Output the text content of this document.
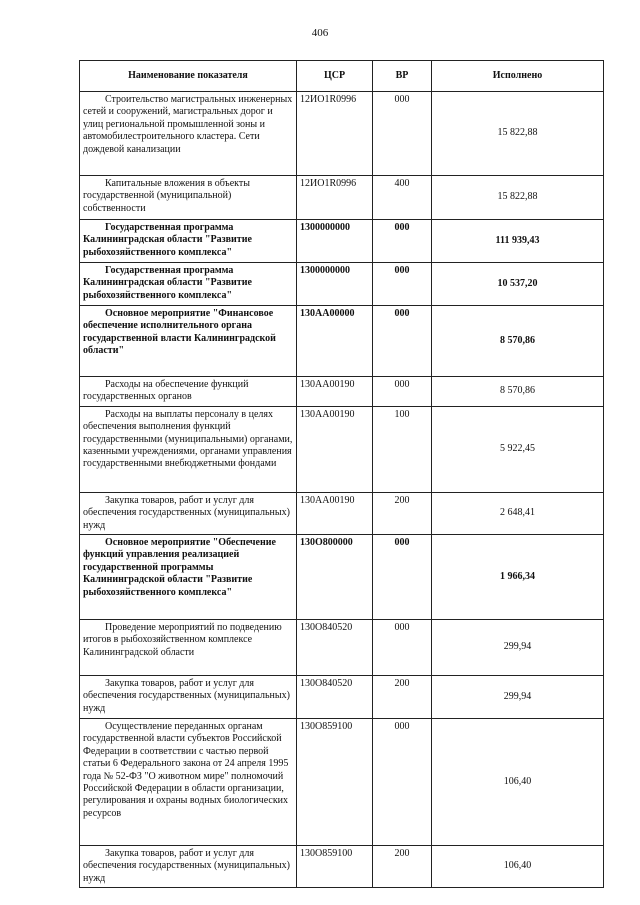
406
Наименование показателя	ЦСР	ВР	Исполнено
Строительство магистральных инженерных сетей и сооружений, магистральных дорог и улиц региональной промышленной зоны и автомобилестроительного кластера. Сети дождевой канализации	12ИО1R0996	000	15 822,88
Капитальные вложения в объекты государственной (муниципальной) собственности	12ИО1R0996	400	15 822,88
Государственная программа Калининградская области "Развитие рыбохозяйственного комплекса"	1300000000	000	111 939,43
Государственная программа Калининградская области "Развитие рыбохозяйственного комплекса"	1300000000	000	10 537,20
Основное мероприятие "Финансовое обеспечение исполнительного органа государственной власти Калининградской области"	130АА00000	000	8 570,86
Расходы на обеспечение функций государственных органов	130АА00190	000	8 570,86
Расходы на выплаты персоналу в целях обеспечения выполнения функций государственными (муниципальными) органами, казенными учреждениями, органами управления государственными внебюджетными фондами	130АА00190	100	5 922,45
Закупка товаров, работ и услуг для обеспечения государственных (муниципальных) нужд	130АА00190	200	2 648,41
Основное мероприятие "Обеспечение функций управления реализацией государственной программы Калининградской области "Развитие рыбохозяйственного комплекса"	130О800000	000	1 966,34
Проведение мероприятий по подведению итогов в рыбохозяйственном комплексе Калининградской области	130О840520	000	299,94
Закупка товаров, работ и услуг для обеспечения государственных (муниципальных) нужд	130О840520	200	299,94
Осуществление переданных органам государственной власти субъектов Российской Федерации в соответствии с частью первой статьи 6 Федерального закона от 24 апреля 1995 года № 52-ФЗ "О животном мире" полномочий Российской Федерации в области организации, регулирования и охраны водных биологических ресурсов	130О859100	000	106,40
Закупка товаров, работ и услуг для обеспечения государственных (муниципальных) нужд	130О859100	200	106,40
